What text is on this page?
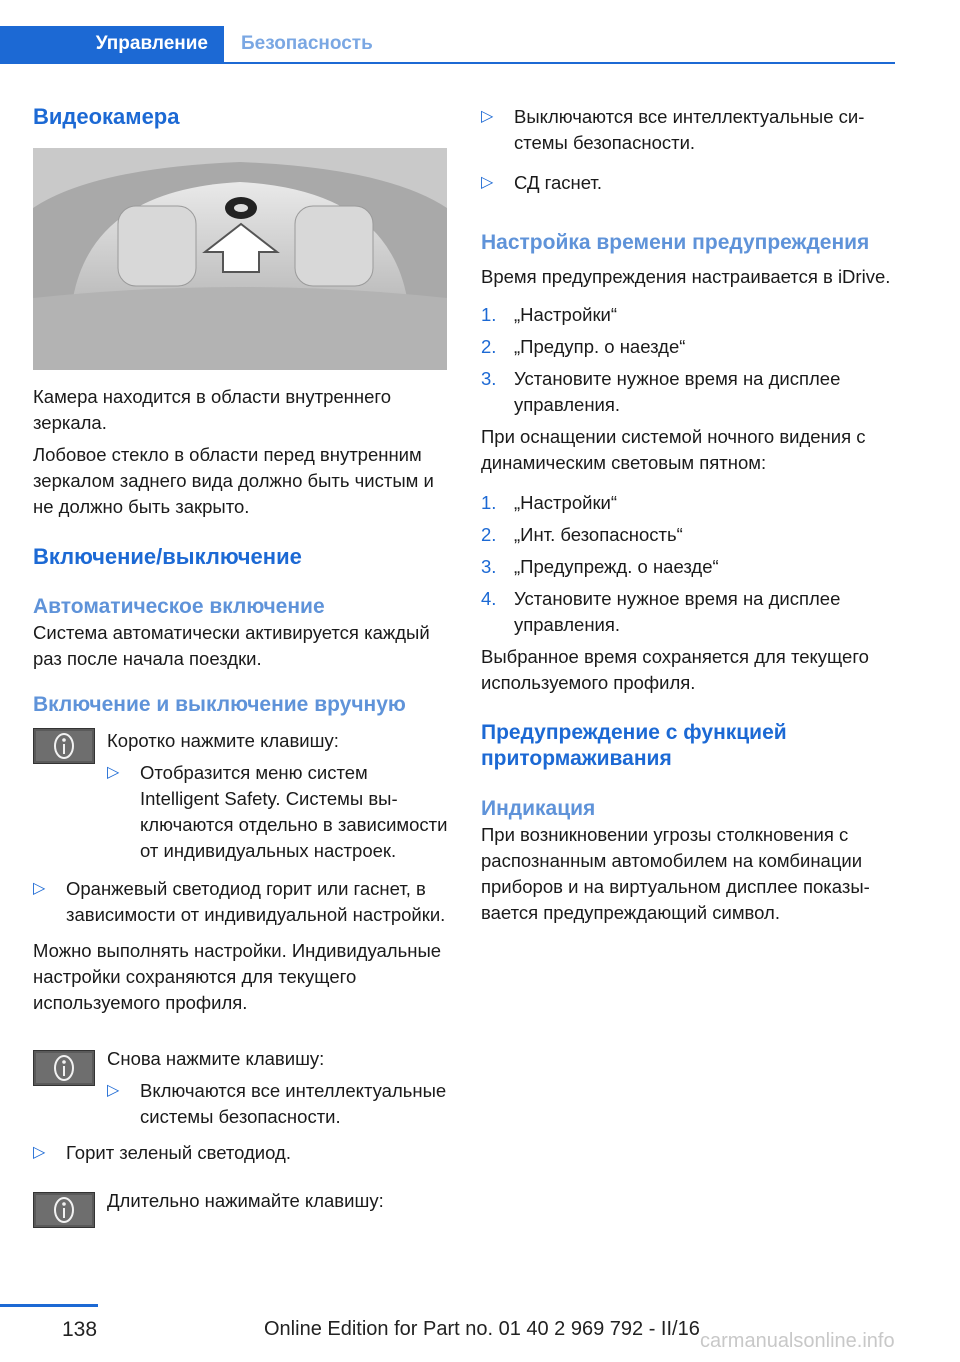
Управление	Безопасность
Видеокамера

Камера находится в области внутреннего зеркала.

Лобовое стекло в области перед внутренним зеркалом заднего вида должно быть чистым и не должно быть закрыто.

Включение/выключение
Автоматическое включение

Система автоматически активируется каждый раз после начала поездки.

Включение и выключение вручную

Коротко нажмите клавишу:

▷ Отобразится меню систем Intelligent Safety. Системы выключаются отдельно в зависимости от индивидуальных настроек.
▷ Оранжевый светодиод горит или гаснет, в зависимости от индивидуальной настройки.

Можно выполнять настройки. Индивидуальные настройки сохраняются для текущего используемого профиля.

Снова нажмите клавишу:

▷ Включаются все интеллектуальные системы безопасности.
▷ Горит зеленый светодиод.

Длительно нажимайте клавишу:

▷ Выключаются все интеллектуальные системы безопасности.
▷ СД гаснет.
Настройка времени предупреждения

Время предупреждения настраивается в iDrive.

1. „Настройки“
2. „Предупр. о наезде“
3. Установите нужное время на дисплее управления.

При оснащении системой ночного видения с динамическим световым пятном:

1. „Настройки“
2. „Инт. безопасность“
3. „Предупрежд. о наезде“
4. Установите нужное время на дисплее управления.

Выбранное время сохраняется для текущего используемого профиля.

Предупреждение с функцией притормаживания
Индикация

При возникновении угрозы столкновения с распознанным автомобилем на комбинации приборов и на виртуальном дисплее показывается предупреждающий символ.

138	Online Edition for Part no. 01 40 2 969 792 - II/16
carmanualsonline.info
